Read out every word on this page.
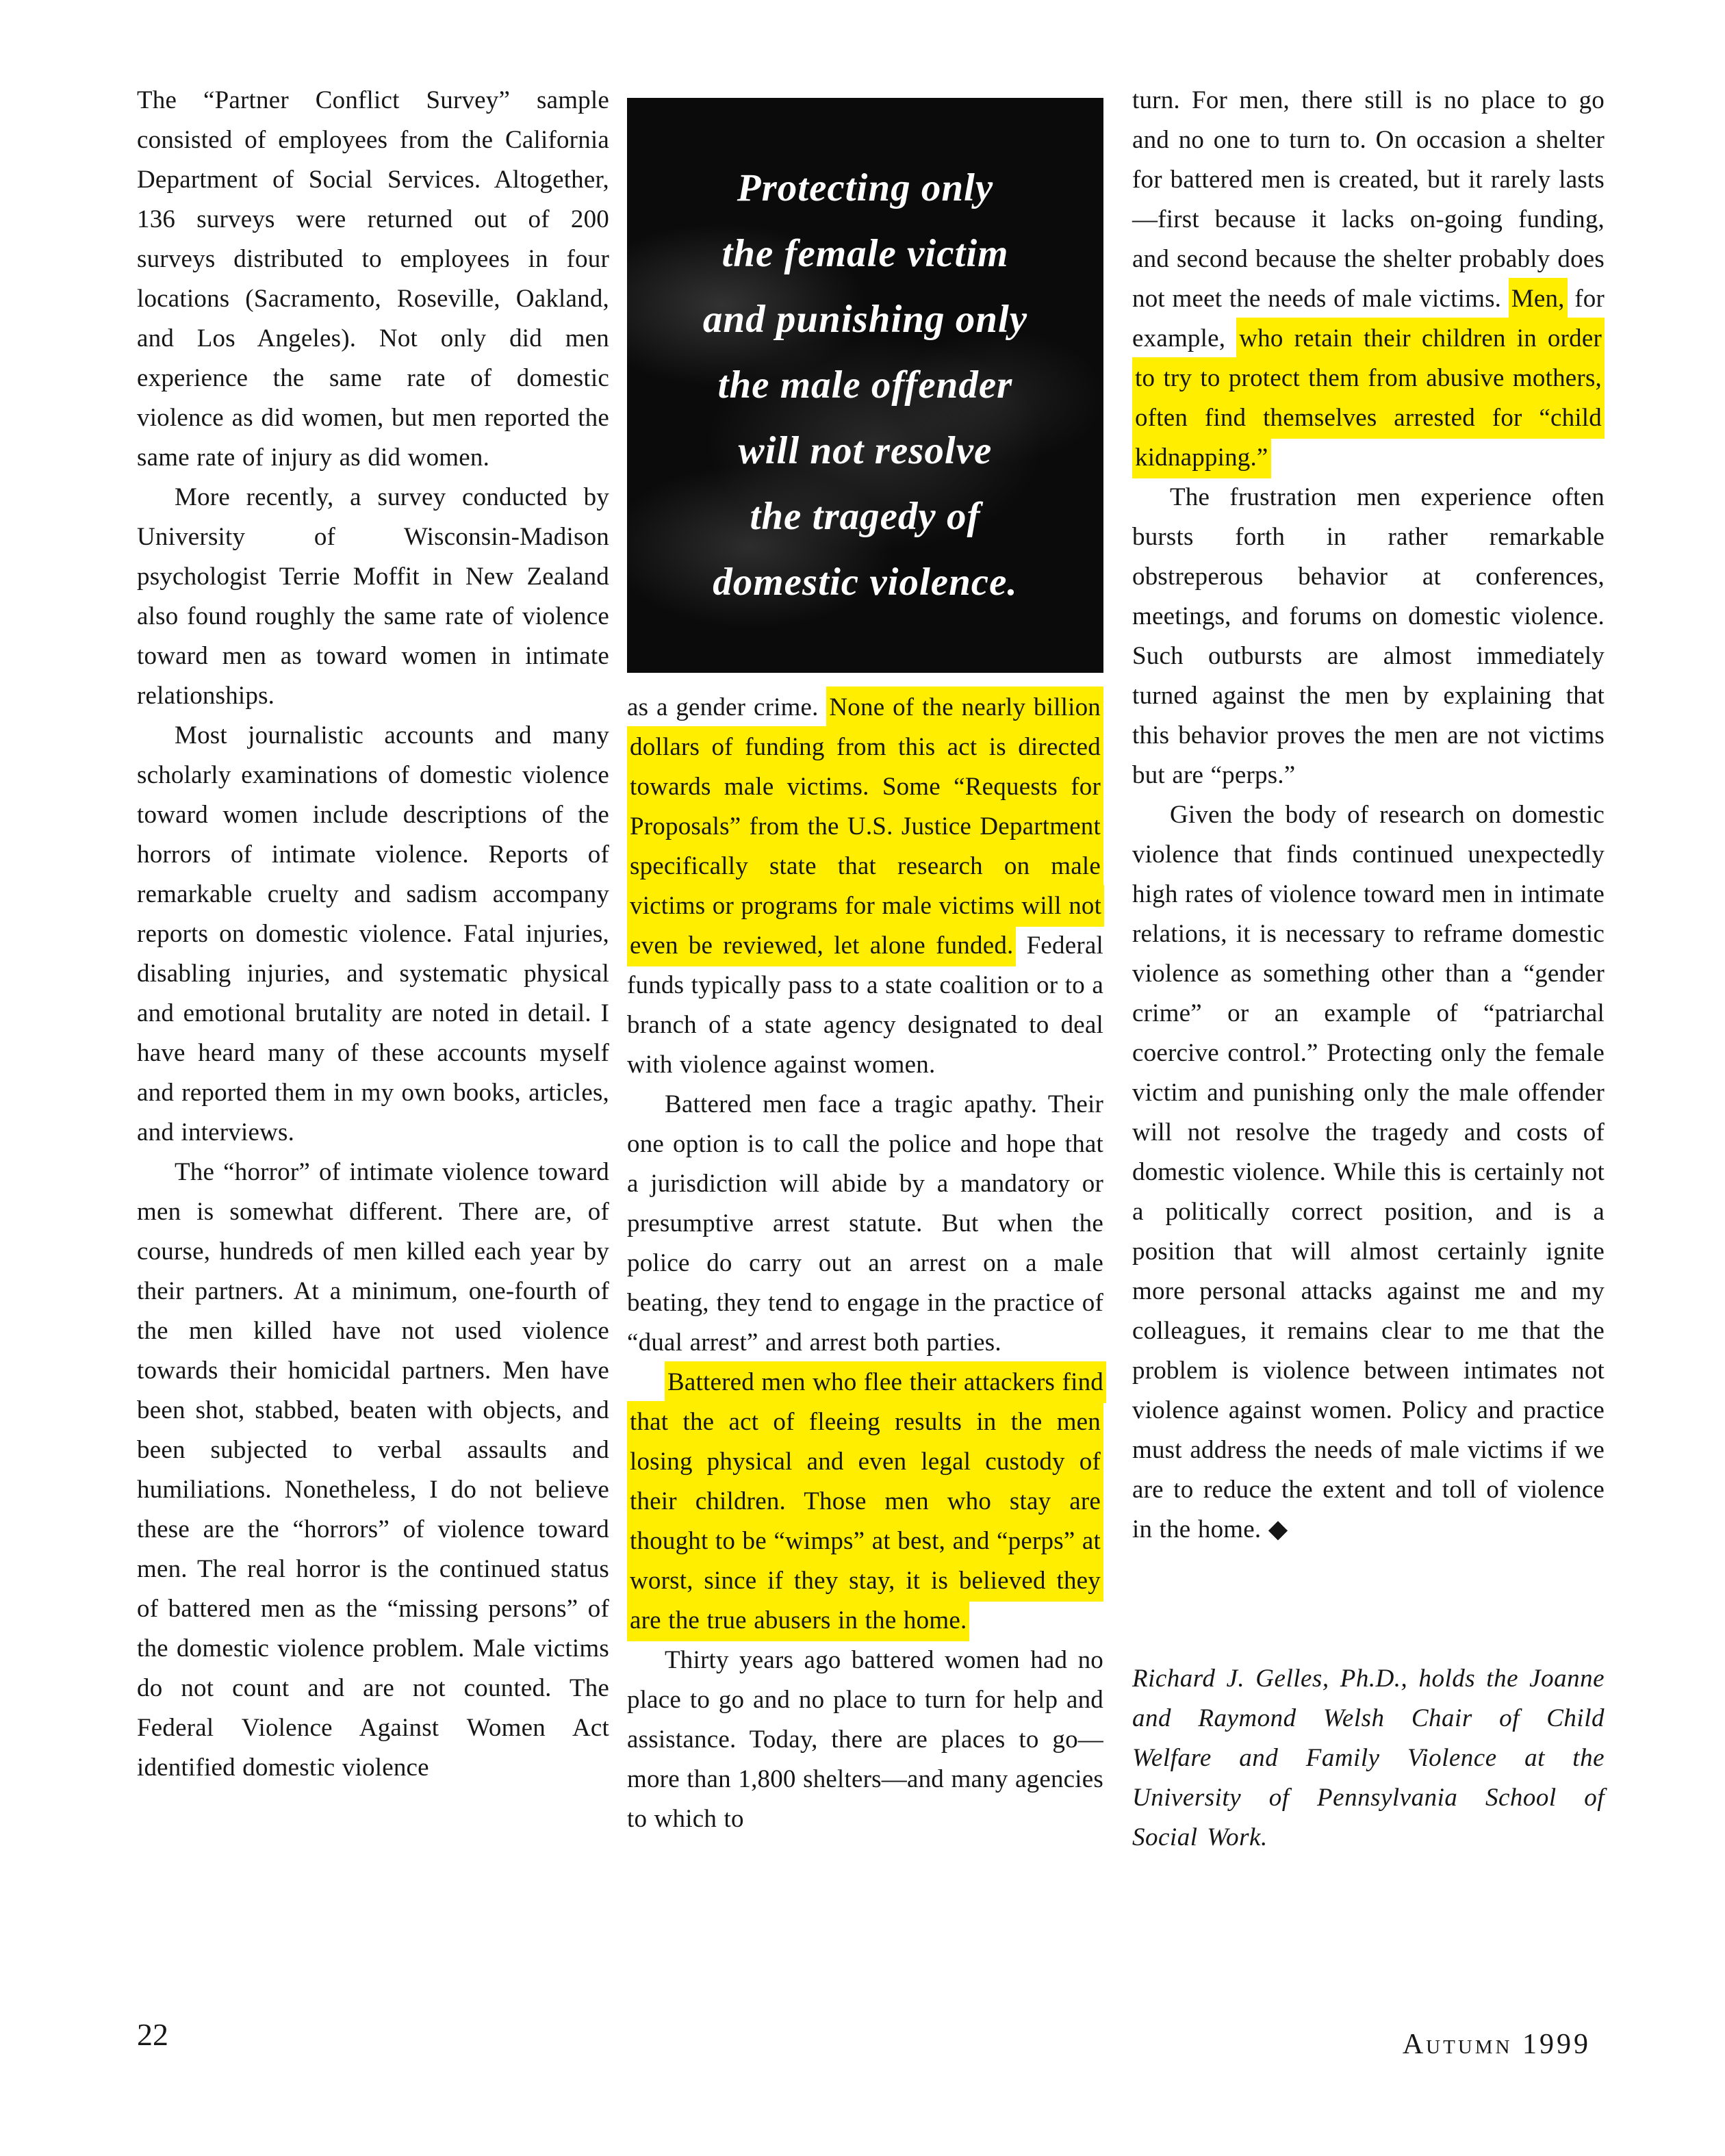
The “Partner Conflict Survey” sample consisted of employees from the California Department of Social Services. Altogether, 136 surveys were returned out of 200 surveys distributed to employees in four locations (Sacramento, Roseville, Oakland, and Los Angeles). Not only did men experience the same rate of domestic violence as did women, but men reported the same rate of injury as did women.

More recently, a survey conducted by University of Wisconsin-Madison psychologist Terrie Moffit in New Zealand also found roughly the same rate of violence toward men as toward women in intimate relationships.

Most journalistic accounts and many scholarly examinations of domestic violence toward women include descriptions of the horrors of intimate violence. Reports of remarkable cruelty and sadism accompany reports on domestic violence. Fatal injuries, disabling injuries, and systematic physical and emotional brutality are noted in detail. I have heard many of these accounts myself and reported them in my own books, articles, and interviews.

The “horror” of intimate violence toward men is somewhat different. There are, of course, hundreds of men killed each year by their partners. At a minimum, one-fourth of the men killed have not used violence towards their homicidal partners. Men have been shot, stabbed, beaten with objects, and been subjected to verbal assaults and humiliations. Nonetheless, I do not believe these are the “horrors” of violence toward men. The real horror is the continued status of battered men as the “missing persons” of the domestic violence problem. Male victims do not count and are not counted. The Federal Violence Against Women Act identified domestic violence

Protecting only
the female victim
and punishing only
the male offender
will not resolve
the tragedy of
domestic violence.

as a gender crime. None of the nearly billion dollars of funding from this act is directed towards male victims. Some “Requests for Proposals” from the U.S. Justice Department specifically state that research on male victims or programs for male victims will not even be reviewed, let alone funded. Federal funds typically pass to a state coalition or to a branch of a state agency designated to deal with violence against women.

Battered men face a tragic apathy. Their one option is to call the police and hope that a jurisdiction will abide by a mandatory or presumptive arrest statute. But when the police do carry out an arrest on a male beating, they tend to engage in the practice of “dual arrest” and arrest both parties.

Battered men who flee their attackers find that the act of fleeing results in the men losing physical and even legal custody of their children. Those men who stay are thought to be “wimps” at best, and “perps” at worst, since if they stay, it is believed they are the true abusers in the home.

Thirty years ago battered women had no place to go and no place to turn for help and assistance. Today, there are places to go—more than 1,800 shelters—and many agencies to which to

turn. For men, there still is no place to go and no one to turn to. On occasion a shelter for battered men is created, but it rarely lasts—first because it lacks on-going funding, and second because the shelter probably does not meet the needs of male victims. Men, for example, who retain their children in order to try to protect them from abusive mothers, often find themselves arrested for “child kidnapping.”

The frustration men experience often bursts forth in rather remarkable obstreperous behavior at conferences, meetings, and forums on domestic violence. Such outbursts are almost immediately turned against the men by explaining that this behavior proves the men are not victims but are “perps.”

Given the body of research on domestic violence that finds continued unexpectedly high rates of violence toward men in intimate relations, it is necessary to reframe domestic violence as something other than a “gender crime” or an example of “patriarchal coercive control.” Protecting only the female victim and punishing only the male offender will not resolve the tragedy and costs of domestic violence. While this is certainly not a politically correct position, and is a position that will almost certainly ignite more personal attacks against me and my colleagues, it remains clear to me that the problem is violence between intimates not violence against women. Policy and practice must address the needs of male victims if we are to reduce the extent and toll of violence in the home. ◆

Richard J. Gelles, Ph.D., holds the Joanne and Raymond Welsh Chair of Child Welfare and Family Violence at the University of Pennsylvania School of Social Work.

22	Autumn 1999
